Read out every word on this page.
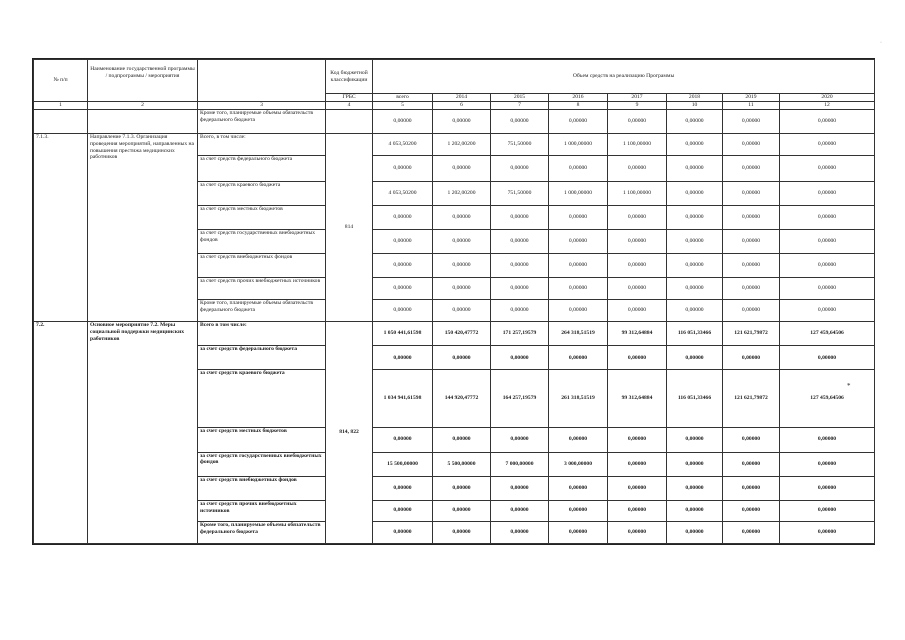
№ п/п	Наименование государственной программы / подпрограммы / мероприятия		Код бюджетной классификации	Объем средств на реализацию Программы							
			ГРБС	всего	2014	2015	2016	2017	2018	2019	2020
1	2	3	4	5	6	7	8	9	10	11	12
		Кроме того, планируемые объемы обязательств федерального бюджета		0,00000	0,00000	0,00000	0,00000	0,00000	0,00000	0,00000	0,00000
7.1.3.	Направление 7.1.3. Организация проведения мероприятий, направленных на повышения престижа медицинских работников	Всего, в том числе:	814	4 053,50200	1 202,00200	751,50000	1 000,00000	1 100,00000	0,00000	0,00000	0,00000
		за счет средств федерального бюджета		0,00000	0,00000	0,00000	0,00000	0,00000	0,00000	0,00000	0,00000
		за счет средств краевого бюджета		4 053,50200	1 202,00200	751,50000	1 000,00000	1 100,00000	0,00000	0,00000	0,00000
		за счет средств местных бюджетов		0,00000	0,00000	0,00000	0,00000	0,00000	0,00000	0,00000	0,00000
		за счет средств государственных внебюджетных фондов		0,00000	0,00000	0,00000	0,00000	0,00000	0,00000	0,00000	0,00000
		за счет средств внебюджетных фондов		0,00000	0,00000	0,00000	0,00000	0,00000	0,00000	0,00000	0,00000
		за счет средств прочих внебюджетных источников		0,00000	0,00000	0,00000	0,00000	0,00000	0,00000	0,00000	0,00000
		Кроме того, планируемые объемы обязательств федерального бюджета		0,00000	0,00000	0,00000	0,00000	0,00000	0,00000	0,00000	0,00000
7.2.	Основное мероприятие 7.2. Меры социальной поддержки медицинских работников	Всего в том числе:	814, 822	1 050 441,61598	150 420,47772	171 257,19579	264 318,51519	99 312,64884	116 051,33466	121 621,79872	127 459,64506
		за счет средств федерального бюджета		0,00000	0,00000	0,00000	0,00000	0,00000	0,00000	0,00000	0,00000
		за счет средств краевого бюджета		1 034 941,61598	144 920,47772	164 257,19579	261 318,51519	99 312,64884	116 051,33466	121 621,79872	127 459,64506
		за счет средств местных бюджетов		0,00000	0,00000	0,00000	0,00000	0,00000	0,00000	0,00000	0,00000
		за счет средств государственных внебюджетных фондов		15 500,00000	5 500,00000	7 000,00000	3 000,00000	0,00000	0,00000	0,00000	0,00000
		за счет средств внебюджетных фондов		0,00000	0,00000	0,00000	0,00000	0,00000	0,00000	0,00000	0,00000
		за счет средств прочих внебюджетных источников		0,00000	0,00000	0,00000	0,00000	0,00000	0,00000	0,00000	0,00000
		Кроме того, планируемые объемы обязательств федерального бюджета		0,00000	0,00000	0,00000	0,00000	0,00000	0,00000	0,00000	0,00000
·
*
